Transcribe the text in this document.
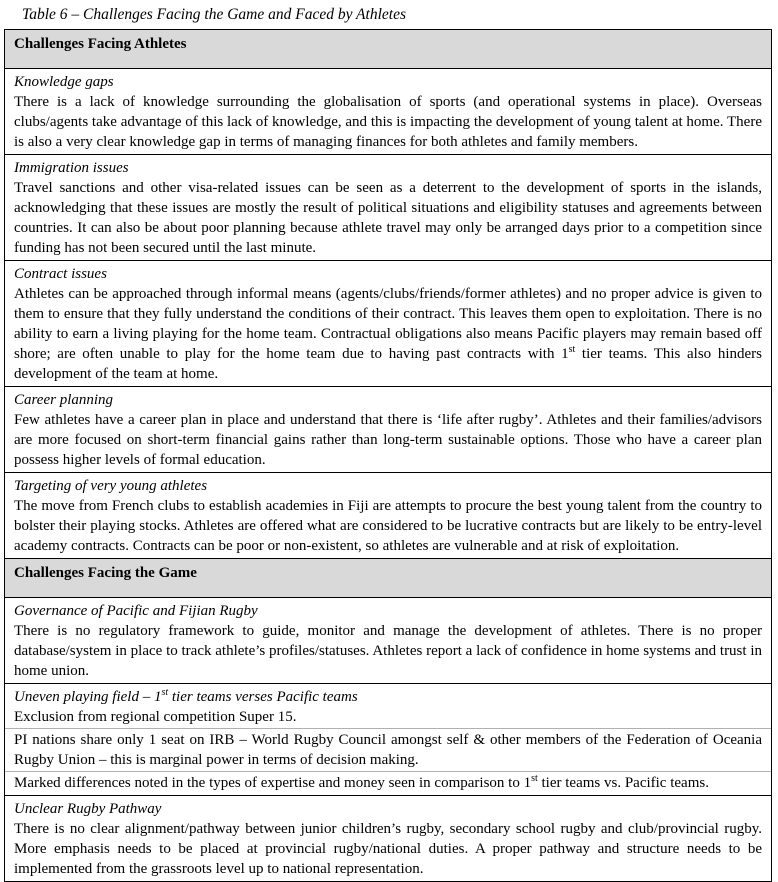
Table 6 – Challenges Facing the Game and Faced by Athletes
Challenges Facing Athletes

Knowledge gaps
There is a lack of knowledge surrounding the globalisation of sports (and operational systems in place). Overseas clubs/agents take advantage of this lack of knowledge, and this is impacting the development of young talent at home. There is also a very clear knowledge gap in terms of managing finances for both athletes and family members.

Immigration issues
Travel sanctions and other visa-related issues can be seen as a deterrent to the development of sports in the islands, acknowledging that these issues are mostly the result of political situations and eligibility statuses and agreements between countries. It can also be about poor planning because athlete travel may only be arranged days prior to a competition since funding has not been secured until the last minute.

Contract issues
Athletes can be approached through informal means (agents/clubs/friends/former athletes) and no proper advice is given to them to ensure that they fully understand the conditions of their contract. This leaves them open to exploitation. There is no ability to earn a living playing for the home team. Contractual obligations also means Pacific players may remain based off shore; are often unable to play for the home team due to having past contracts with 1st tier teams. This also hinders development of the team at home.

Career planning
Few athletes have a career plan in place and understand that there is ‘life after rugby’. Athletes and their families/advisors are more focused on short-term financial gains rather than long-term sustainable options. Those who have a career plan possess higher levels of formal education.

Targeting of very young athletes
The move from French clubs to establish academies in Fiji are attempts to procure the best young talent from the country to bolster their playing stocks. Athletes are offered what are considered to be lucrative contracts but are likely to be entry-level academy contracts. Contracts can be poor or non-existent, so athletes are vulnerable and at risk of exploitation.

Challenges Facing the Game

Governance of Pacific and Fijian Rugby
There is no regulatory framework to guide, monitor and manage the development of athletes. There is no proper database/system in place to track athlete’s profiles/statuses. Athletes report a lack of confidence in home systems and trust in home union.

Uneven playing field – 1st tier teams verses Pacific teams
Exclusion from regional competition Super 15.
PI nations share only 1 seat on IRB – World Rugby Council amongst self & other members of the Federation of Oceania Rugby Union – this is marginal power in terms of decision making.
Marked differences noted in the types of expertise and money seen in comparison to 1st tier teams vs. Pacific teams.

Unclear Rugby Pathway
There is no clear alignment/pathway between junior children’s rugby, secondary school rugby and club/provincial rugby. More emphasis needs to be placed at provincial rugby/national duties. A proper pathway and structure needs to be implemented from the grassroots level up to national representation.
